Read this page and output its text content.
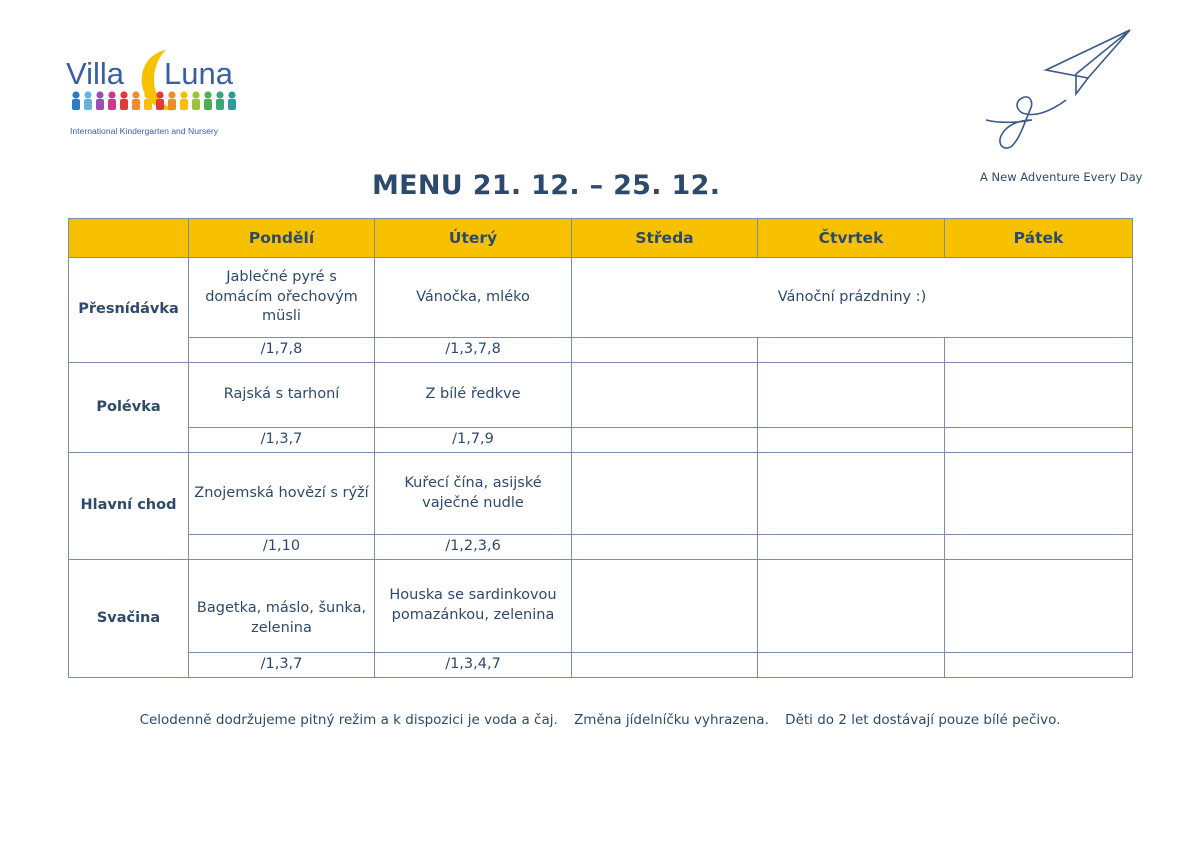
Villa Luna
International Kindergarten and Nursery
A New Adventure Every Day
MENU 21. 12. – 25. 12.
	Pondělí	Úterý	Středa	Čtvrtek	Pátek
Přesnídávka	Jablečné pyré s domácím ořechovým müsli	Vánočka, mléko	Vánoční prázdniny :)		
	/1,7,8	/1,3,7,8			
Polévka	Rajská s tarhoní	Z bílé ředkve			
	/1,3,7	/1,7,9			
Hlavní chod	Znojemská hovězí s rýží	Kuřecí čína, asijské vaječné nudle			
	/1,10	/1,2,3,6			
Svačina	Bagetka, máslo, šunka, zelenina	Houska se sardinkovou pomazánkou, zelenina			
	/1,3,7	/1,3,4,7			
Celodenně dodržujeme pitný režim a k dispozici je voda a čaj. Změna jídelníčku vyhrazena. Děti do 2 let dostávají pouze bílé pečivo.
